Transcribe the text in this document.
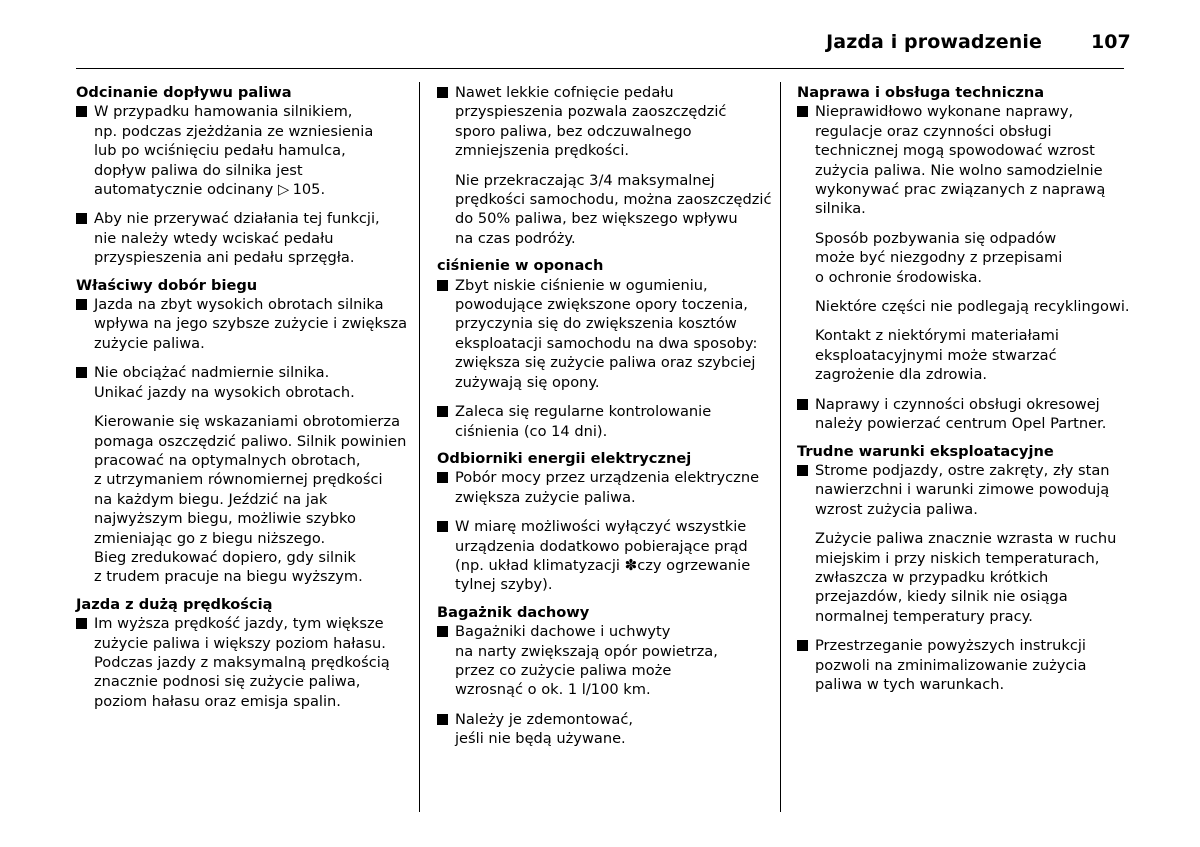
Jazda i prowadzenie	107

Odcinanie dopływu paliwa

W przypadku hamowania silnikiem,
np. podczas zjeżdżania ze wzniesienia
lub po wciśnięciu pedału hamulca,
dopływ paliwa do silnika jest
automatycznie odcinany ▷ 105.
Aby nie przerywać działania tej funkcji,
nie należy wtedy wciskać pedału
przyspieszenia ani pedału sprzęgła.

Właściwy dobór biegu

Jazda na zbyt wysokich obrotach silnika
wpływa na jego szybsze zużycie i zwiększa
zużycie paliwa.
Nie obciążać nadmiernie silnika.
Unikać jazdy na wysokich obrotach.
Kierowanie się wskazaniami obrotomierza
pomaga oszczędzić paliwo. Silnik powinien
pracować na optymalnych obrotach,
z utrzymaniem równomiernej prędkości
na każdym biegu. Jeździć na jak
najwyższym biegu, możliwie szybko
zmieniając go z biegu niższego.
Bieg zredukować dopiero, gdy silnik
z trudem pracuje na biegu wyższym.

Jazda z dużą prędkością

Im wyższa prędkość jazdy, tym większe
zużycie paliwa i większy poziom hałasu.
Podczas jazdy z maksymalną prędkością
znacznie podnosi się zużycie paliwa,
poziom hałasu oraz emisja spalin.
Nawet lekkie cofnięcie pedału
przyspieszenia pozwala zaoszczędzić
sporo paliwa, bez odczuwalnego
zmniejszenia prędkości.
Nie przekraczając 3/4 maksymalnej
prędkości samochodu, można zaoszczędzić
do 50% paliwa, bez większego wpływu
na czas podróży.

ciśnienie w oponach

Zbyt niskie ciśnienie w ogumieniu,
powodujące zwiększone opory toczenia,
przyczynia się do zwiększenia kosztów
eksploatacji samochodu na dwa sposoby:
zwiększa się zużycie paliwa oraz szybciej
zużywają się opony.
Zaleca się regularne kontrolowanie
ciśnienia (co 14 dni).

Odbiorniki energii elektrycznej

Pobór mocy przez urządzenia elektryczne
zwiększa zużycie paliwa.
W miarę możliwości wyłączyć wszystkie
urządzenia dodatkowo pobierające prąd
(np. układ klimatyzacji ✽czy ogrzewanie
tylnej szyby).

Bagażnik dachowy

Bagażniki dachowe i uchwyty
na narty zwiększają opór powietrza,
przez co zużycie paliwa może
wzrosnąć o ok. 1 l/100 km.
Należy je zdemontować,
jeśli nie będą używane.

Naprawa i obsługa techniczna

Nieprawidłowo wykonane naprawy,
regulacje oraz czynności obsługi
technicznej mogą spowodować wzrost
zużycia paliwa. Nie wolno samodzielnie
wykonywać prac związanych z naprawą
silnika.
Sposób pozbywania się odpadów
może być niezgodny z przepisami
o ochronie środowiska.
Niektóre części nie podlegają recyklingowi.
Kontakt z niektórymi materiałami
eksploatacyjnymi może stwarzać
zagrożenie dla zdrowia.
Naprawy i czynności obsługi okresowej
należy powierzać centrum Opel Partner.

Trudne warunki eksploatacyjne

Strome podjazdy, ostre zakręty, zły stan
nawierzchni i warunki zimowe powodują
wzrost zużycia paliwa.
Zużycie paliwa znacznie wzrasta w ruchu
miejskim i przy niskich temperaturach,
zwłaszcza w przypadku krótkich
przejazdów, kiedy silnik nie osiąga
normalnej temperatury pracy.
Przestrzeganie powyższych instrukcji
pozwoli na zminimalizowanie zużycia
paliwa w tych warunkach.
